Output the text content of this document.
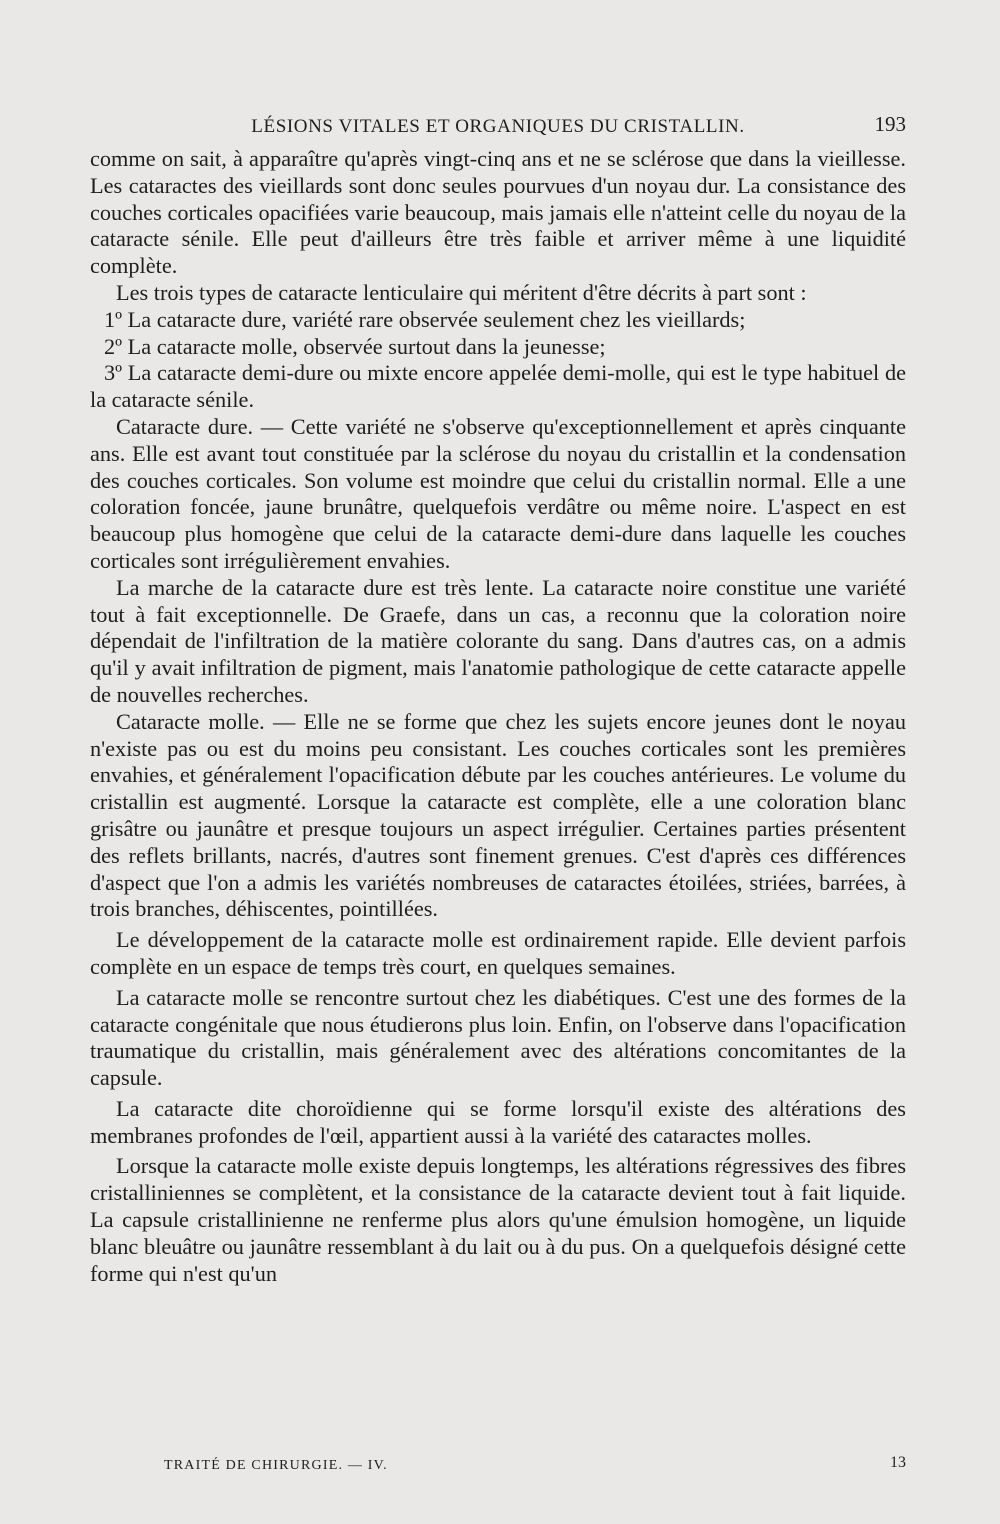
LÉSIONS VITALES ET ORGANIQUES DU CRISTALLIN.	193

comme on sait, à apparaître qu'après vingt-cinq ans et ne se sclérose que dans la vieillesse. Les cataractes des vieillards sont donc seules pourvues d'un noyau dur. La consistance des couches corticales opacifiées varie beaucoup, mais jamais elle n'atteint celle du noyau de la cataracte sénile. Elle peut d'ailleurs être très faible et arriver même à une liquidité complète.

Les trois types de cataracte lenticulaire qui méritent d'être décrits à part sont :

1º La cataracte dure, variété rare observée seulement chez les vieillards;

2º La cataracte molle, observée surtout dans la jeunesse;

3º La cataracte demi-dure ou mixte encore appelée demi-molle, qui est le type habituel de la cataracte sénile.

Cataracte dure. — Cette variété ne s'observe qu'exceptionnellement et après cinquante ans. Elle est avant tout constituée par la sclérose du noyau du cristallin et la condensation des couches corticales. Son volume est moindre que celui du cristallin normal. Elle a une coloration foncée, jaune brunâtre, quelquefois verdâtre ou même noire. L'aspect en est beaucoup plus homogène que celui de la cataracte demi-dure dans laquelle les couches corticales sont irrégulièrement envahies.

La marche de la cataracte dure est très lente. La cataracte noire constitue une variété tout à fait exceptionnelle. De Graefe, dans un cas, a reconnu que la coloration noire dépendait de l'infiltration de la matière colorante du sang. Dans d'autres cas, on a admis qu'il y avait infiltration de pigment, mais l'anatomie pathologique de cette cataracte appelle de nouvelles recherches.

Cataracte molle. — Elle ne se forme que chez les sujets encore jeunes dont le noyau n'existe pas ou est du moins peu consistant. Les couches corticales sont les premières envahies, et généralement l'opacification débute par les couches antérieures. Le volume du cristallin est augmenté. Lorsque la cataracte est complète, elle a une coloration blanc grisâtre ou jaunâtre et presque toujours un aspect irrégulier. Certaines parties présentent des reflets brillants, nacrés, d'autres sont finement grenues. C'est d'après ces différences d'aspect que l'on a admis les variétés nombreuses de cataractes étoilées, striées, barrées, à trois branches, déhiscentes, pointillées.

Le développement de la cataracte molle est ordinairement rapide. Elle devient parfois complète en un espace de temps très court, en quelques semaines.

La cataracte molle se rencontre surtout chez les diabétiques. C'est une des formes de la cataracte congénitale que nous étudierons plus loin. Enfin, on l'observe dans l'opacification traumatique du cristallin, mais généralement avec des altérations concomitantes de la capsule.

La cataracte dite choroïdienne qui se forme lorsqu'il existe des altérations des membranes profondes de l'œil, appartient aussi à la variété des cataractes molles.

Lorsque la cataracte molle existe depuis longtemps, les altérations régressives des fibres cristalliniennes se complètent, et la consistance de la cataracte devient tout à fait liquide. La capsule cristallinienne ne renferme plus alors qu'une émulsion homogène, un liquide blanc bleuâtre ou jaunâtre ressemblant à du lait ou à du pus. On a quelquefois désigné cette forme qui n'est qu'un

TRAITÉ DE CHIRURGIE. — IV.	13
